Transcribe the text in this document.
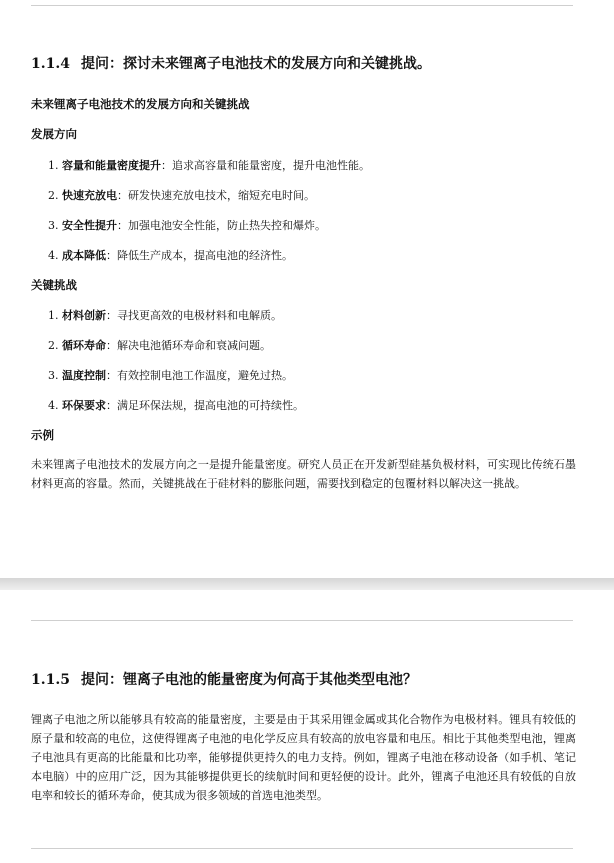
1.1.4 提问：探讨未来锂离子电池技术的发展方向和关键挑战。
未来锂离子电池技术的发展方向和关键挑战
发展方向
1. 容量和能量密度提升：追求高容量和能量密度，提升电池性能。
2. 快速充放电：研发快速充放电技术，缩短充电时间。
3. 安全性提升：加强电池安全性能，防止热失控和爆炸。
4. 成本降低：降低生产成本，提高电池的经济性。
关键挑战
1. 材料创新：寻找更高效的电极材料和电解质。
2. 循环寿命：解决电池循环寿命和衰减问题。
3. 温度控制：有效控制电池工作温度，避免过热。
4. 环保要求：满足环保法规，提高电池的可持续性。
示例
未来锂离子电池技术的发展方向之一是提升能量密度。研究人员正在开发新型硅基负极材料，可实现比传统石墨材料更高的容量。然而，关键挑战在于硅材料的膨胀问题，需要找到稳定的包覆材料以解决这一挑战。
1.1.5 提问：锂离子电池的能量密度为何高于其他类型电池？
锂离子电池之所以能够具有较高的能量密度，主要是由于其采用锂金属或其化合物作为电极材料。锂具有较低的原子量和较高的电位，这使得锂离子电池的电化学反应具有较高的放电容量和电压。相比于其他类型电池，锂离子电池具有更高的比能量和比功率，能够提供更持久的电力支持。例如，锂离子电池在移动设备（如手机、笔记本电脑）中的应用广泛，因为其能够提供更长的续航时间和更轻便的设计。此外，锂离子电池还具有较低的自放电率和较长的循环寿命，使其成为很多领域的首选电池类型。
